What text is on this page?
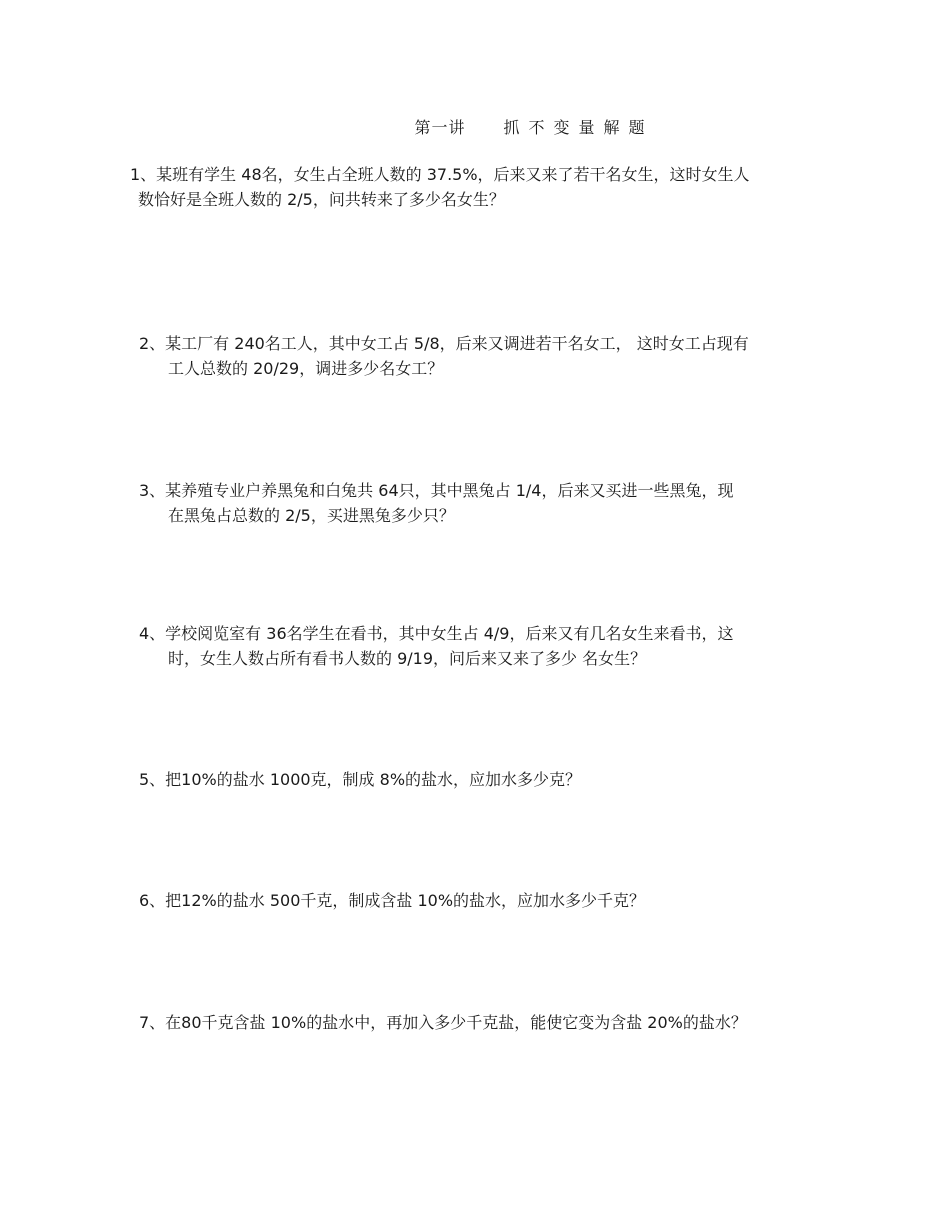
第一讲 抓不变量解题
1、某班有学生 48名，女生占全班人数的 37.5%，后来又来了若干名女生，这时女生人
数恰好是全班人数的 2/5，问共转来了多少名女生？
2、某工厂有 240名工人，其中女工占 5/8，后来又调进若干名女工， 这时女工占现有
工人总数的 20/29，调进多少名女工？
3、某养殖专业户养黑兔和白兔共 64只，其中黑兔占 1/4，后来又买进一些黑兔，现
在黑兔占总数的 2/5，买进黑兔多少只？
4、学校阅览室有 36名学生在看书，其中女生占 4/9，后来又有几名女生来看书，这
时，女生人数占所有看书人数的 9/19，问后来又来了多少 名女生？
5、把10%的盐水 1000克，制成 8%的盐水，应加水多少克？
6、把12%的盐水 500千克，制成含盐 10%的盐水，应加水多少千克？
7、在80千克含盐 10%的盐水中，再加入多少千克盐，能使它变为含盐 20%的盐水？
